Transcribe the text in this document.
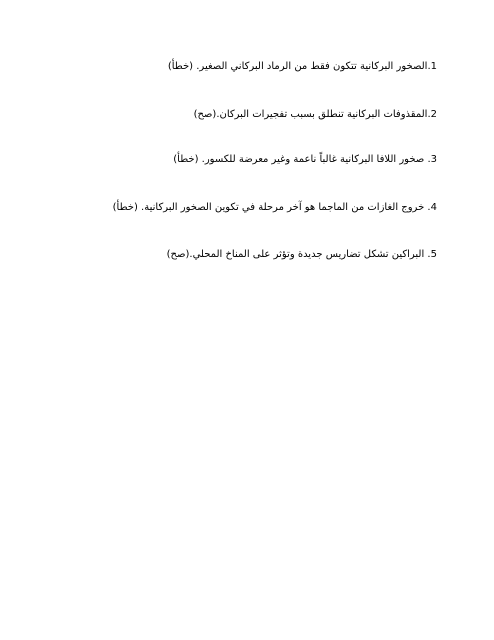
1.الصخور البركانية تتكون فقط من الرماد البركاني الصغير. (خطأ)
2.المقذوفات البركانية تنطلق بسبب تفجيرات البركان.(صح)
3. صخور اللافا البركانية غالباً ناعمة وغير معرضة للكسور. (خطأ)
4. خروج الغازات من الماجما هو آخر مرحلة في تكوين الصخور البركانية. (خطأ)
5. البراكين تشكل تضاريس جديدة وتؤثر على المناخ المحلي.(صح)
